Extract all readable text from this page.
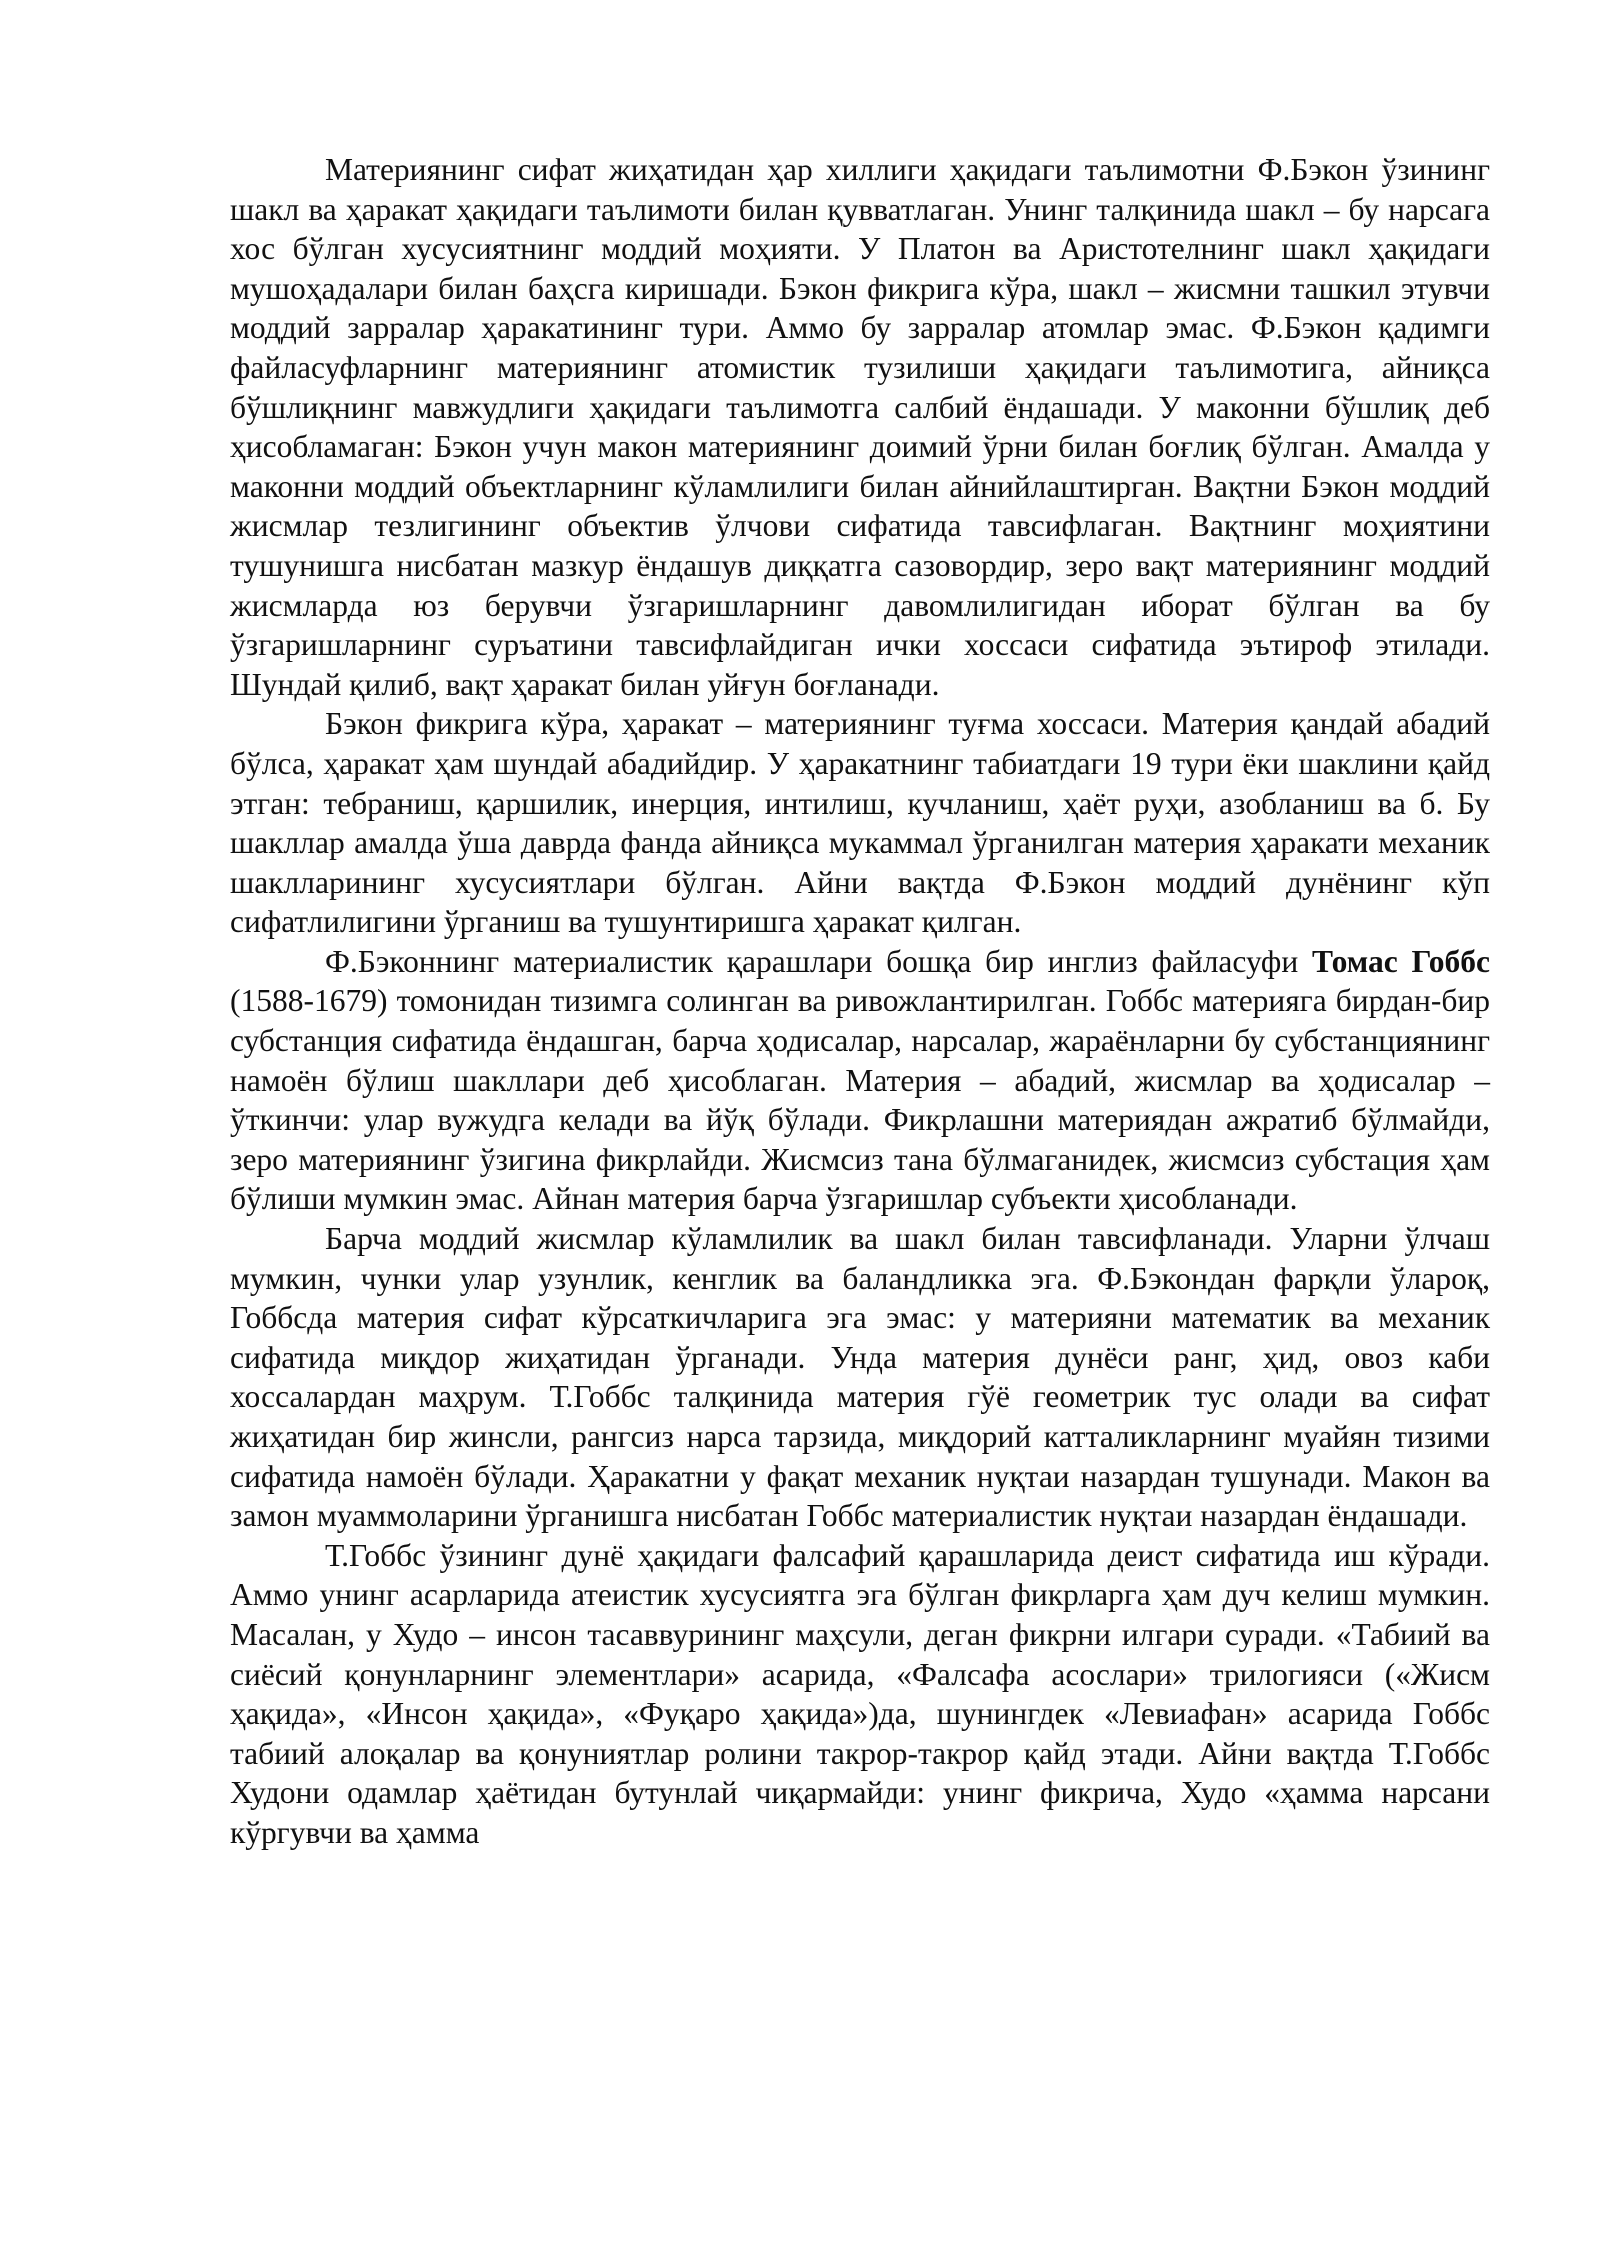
Материянинг сифат жиҳатидан ҳар хиллиги ҳақидаги таълимотни Ф.Бэкон ўзининг шакл ва ҳаракат ҳақидаги таълимоти билан қувватлаган. Унинг талқинида шакл – бу нарсага хос бўлган хусусиятнинг моддий моҳияти. У Платон ва Аристотелнинг шакл ҳақидаги мушоҳадалари билан баҳсга киришади. Бэкон фикрига кўра, шакл – жисмни ташкил этувчи моддий зарралар ҳаракатининг тури. Аммо бу зарралар атомлар эмас. Ф.Бэкон қадимги файласуфларнинг материянинг атомистик тузилиши ҳақидаги таълимотига, айниқса бўшлиқнинг мавжудлиги ҳақидаги таълимотга салбий ёндашади. У маконни бўшлиқ деб ҳисобламаган: Бэкон учун макон материянинг доимий ўрни билан боғлиқ бўлган. Амалда у маконни моддий объектларнинг кўламлилиги билан айнийлаштирган. Вақтни Бэкон моддий жисмлар тезлигининг объектив ўлчови сифатида тавсифлаган. Вақтнинг моҳиятини тушунишга нисбатан мазкур ёндашув диққатга сазовордир, зеро вақт материянинг моддий жисмларда юз берувчи ўзгаришларнинг давомлилигидан иборат бўлган ва бу ўзгаришларнинг суръатини тавсифлайдиган ички хоссаси сифатида эътироф этилади. Шундай қилиб, вақт ҳаракат билан уйғун боғланади.

Бэкон фикрига кўра, ҳаракат – материянинг туғма хоссаси. Материя қандай абадий бўлса, ҳаракат ҳам шундай абадийдир. У ҳаракатнинг табиатдаги 19 тури ёки шаклини қайд этган: тебраниш, қаршилик, инерция, интилиш, кучланиш, ҳаёт руҳи, азобланиш ва б. Бу шакллар амалда ўша даврда фанда айниқса мукаммал ўрганилган материя ҳаракати механик шаклларининг хусусиятлари бўлган. Айни вақтда Ф.Бэкон моддий дунёнинг кўп сифатлилигини ўрганиш ва тушунтиришга ҳаракат қилган.

Ф.Бэконнинг материалистик қарашлари бошқа бир инглиз файласуфи Томас Гоббс (1588-1679) томонидан тизимга солинган ва ривожлантирилган. Гоббс материяга бирдан-бир субстанция сифатида ёндашган, барча ҳодисалар, нарсалар, жараёнларни бу субстанциянинг намоён бўлиш шакллари деб ҳисоблаган. Материя – абадий, жисмлар ва ҳодисалар – ўткинчи: улар вужудга келади ва йўқ бўлади. Фикрлашни материядан ажратиб бўлмайди, зеро материянинг ўзигина фикрлайди. Жисмсиз тана бўлмаганидек, жисмсиз субстация ҳам бўлиши мумкин эмас. Айнан материя барча ўзгаришлар субъекти ҳисобланади.

Барча моддий жисмлар кўламлилик ва шакл билан тавсифланади. Уларни ўлчаш мумкин, чунки улар узунлик, кенглик ва баландликка эга. Ф.Бэкондан фарқли ўлароқ, Гоббсда материя сифат кўрсаткичларига эга эмас: у материяни математик ва механик сифатида миқдор жиҳатидан ўрганади. Унда материя дунёси ранг, ҳид, овоз каби хоссалардан маҳрум. Т.Гоббс талқинида материя гўё геометрик тус олади ва сифат жиҳатидан бир жинсли, рангсиз нарса тарзида, миқдорий катталикларнинг муайян тизими сифатида намоён бўлади. Ҳаракатни у фақат механик нуқтаи назардан тушунади. Макон ва замон муаммоларини ўрганишга нисбатан Гоббс материалистик нуқтаи назардан ёндашади.

Т.Гоббс ўзининг дунё ҳақидаги фалсафий қарашларида деист сифатида иш кўради. Аммо унинг асарларида атеистик хусусиятга эга бўлган фикрларга ҳам дуч келиш мумкин. Масалан, у Худо – инсон тасаввурининг маҳсули, деган фикрни илгари суради. «Табиий ва сиёсий қонунларнинг элементлари» асарида, «Фалсафа асослари» трилогияси («Жисм ҳақида», «Инсон ҳақида», «Фуқаро ҳақида»)да, шунингдек «Левиафан» асарида Гоббс табиий алоқалар ва қонуниятлар ролини такрор-такрор қайд этади. Айни вақтда Т.Гоббс Худони одамлар ҳаётидан бутунлай чиқармайди: унинг фикрича, Худо «ҳамма нарсани кўргувчи ва ҳамма
